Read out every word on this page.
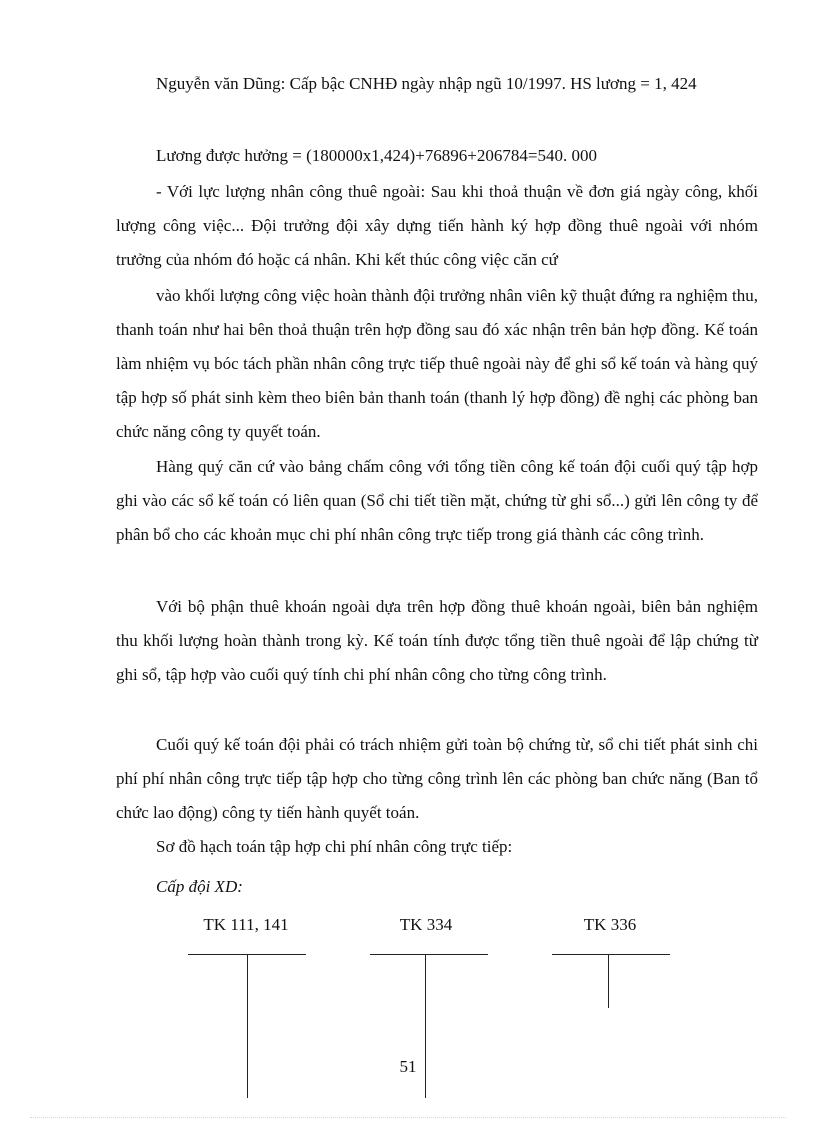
Nguyễn văn Dũng: Cấp bậc CNHĐ ngày nhập ngũ 10/1997. HS lương = 1, 424

Lương được hưởng = (180000x1,424)+76896+206784=540. 000

- Với lực lượng nhân công thuê ngoài: Sau khi thoả thuận về đơn giá ngày công, khối lượng công việc... Đội trưởng đội xây dựng tiến hành ký hợp đồng thuê ngoài với nhóm trưởng của nhóm đó hoặc cá nhân. Khi kết thúc công việc căn cứ

vào khối lượng công việc hoàn thành đội trưởng nhân viên kỹ thuật đứng ra nghiệm thu, thanh toán như hai bên thoả thuận trên hợp đồng sau đó xác nhận trên bản hợp đồng. Kế toán làm nhiệm vụ bóc tách phần nhân công trực tiếp thuê ngoài này để ghi sổ kế toán và hàng quý tập hợp số phát sinh kèm theo biên bản thanh toán (thanh lý hợp đồng) đề nghị các phòng ban chức năng công ty quyết toán.

Hàng quý căn cứ vào bảng chấm công với tổng tiền công kế toán đội cuối quý tập hợp ghi vào các sổ kế toán có liên quan (Sổ chi tiết tiền mặt, chứng từ ghi sổ...) gửi lên công ty để phân bổ cho các khoản mục chi phí nhân công trực tiếp trong giá thành các công trình.

Với bộ phận thuê khoán ngoài dựa trên hợp đồng thuê khoán ngoài, biên bản nghiệm thu khối lượng hoàn thành trong kỳ. Kế toán tính được tổng tiền thuê ngoài để lập chứng từ ghi sổ, tập hợp vào cuối quý tính chi phí nhân công cho từng công trình.

Cuối quý kế toán đội phải có trách nhiệm gửi toàn bộ chứng từ, sổ chi tiết phát sinh chi phí phí nhân công trực tiếp tập hợp cho từng công trình lên các phòng ban chức năng (Ban tổ chức lao động) công ty tiến hành quyết toán.

Sơ đồ hạch toán tập hợp chi phí nhân công trực tiếp:

Cấp đội XD:

TK 111, 141	TK 334	TK 336
51
